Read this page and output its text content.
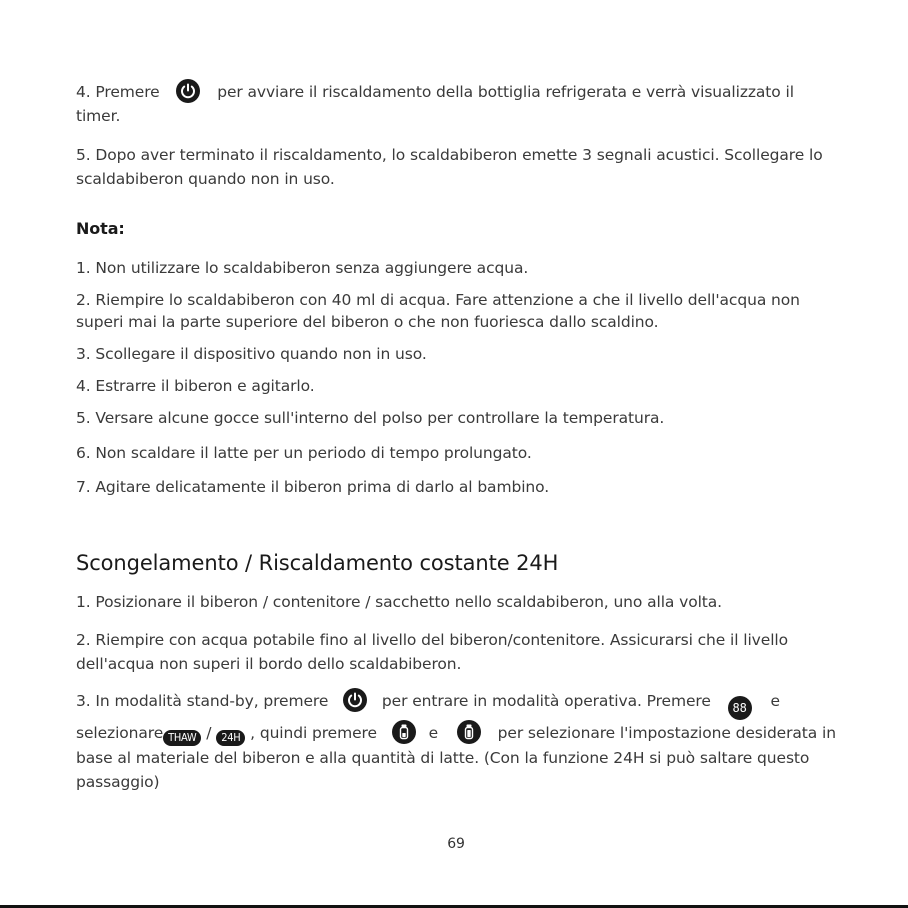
4. Premere	per avviare il riscaldamento della bottiglia refrigerata e verrà visualizzato il timer.
5. Dopo aver terminato il riscaldamento, lo scaldabiberon emette 3 segnali acustici. Scollegare lo scaldabiberon quando non in uso.
Nota:
1. Non utilizzare lo scaldabiberon senza aggiungere acqua.
2. Riempire lo scaldabiberon con 40 ml di acqua. Fare attenzione a che il livello dell'acqua non superi mai la parte superiore del biberon o che non fuoriesca dallo scaldino.
3. Scollegare il dispositivo quando non in uso.
4. Estrarre il biberon e agitarlo.
5. Versare alcune gocce sull'interno del polso per controllare la temperatura.
6. Non scaldare il latte per un periodo di tempo prolungato.
7. Agitare delicatamente il biberon prima di darlo al bambino.
Scongelamento / Riscaldamento costante 24H
1. Posizionare il biberon / contenitore / sacchetto nello scaldabiberon, uno alla volta.
2. Riempire con acqua potabile fino al livello del biberon/contenitore. Assicurarsi che il livello dell'acqua non superi il bordo dello scaldabiberon.
3. In modalità stand-by, premere	per entrare in modalità operativa. Premere 88 e
selezionare THAW / 24H , quindi premere	e	per selezionare l'impostazione desiderata in base al materiale del biberon e alla quantità di latte. (Con la funzione 24H si può saltare questo passaggio)
69
